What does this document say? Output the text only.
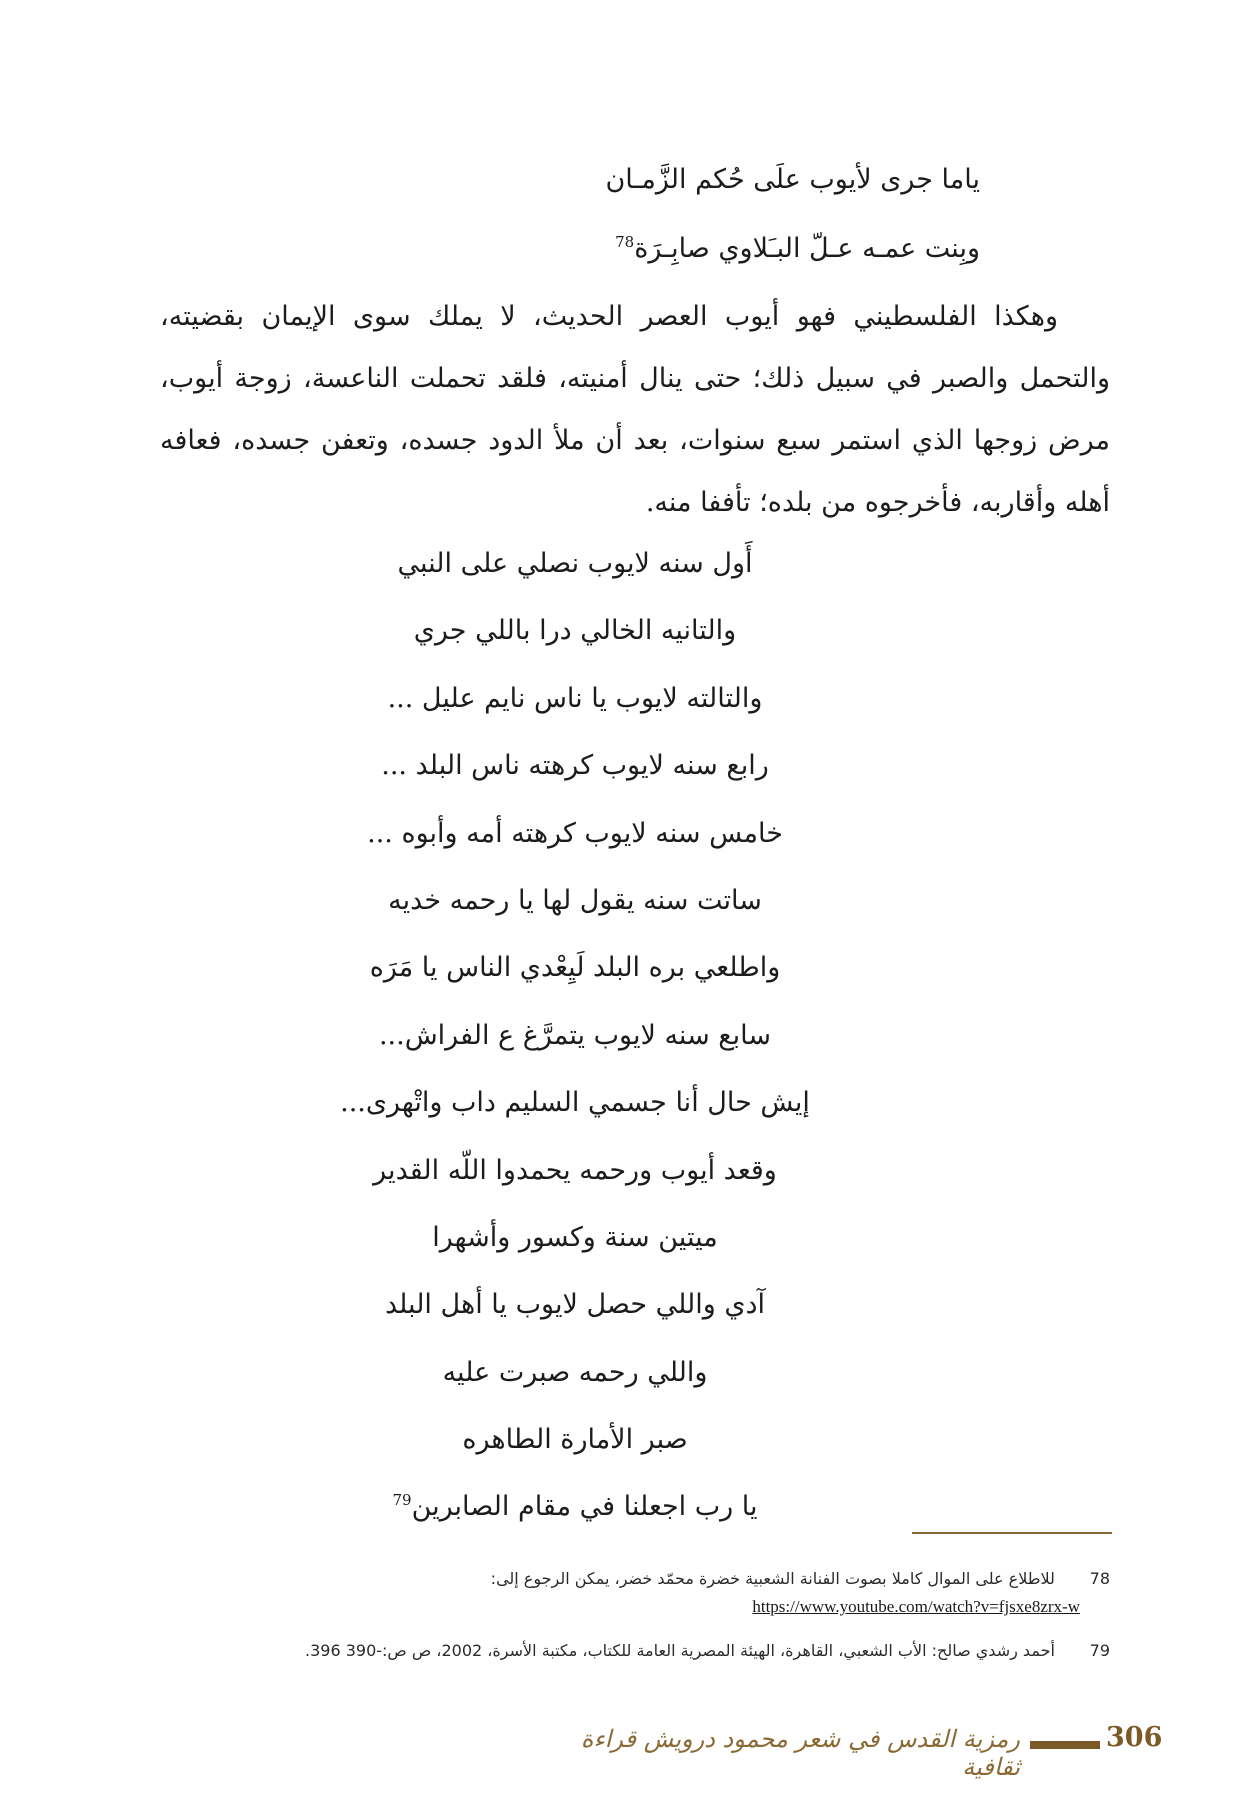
ياما جرى لأيوب علَى حُكم الزَّمـان
وبِنت عمـه عـلّ البـَلاوي صابِـرَة$^{78}$

وهكذا الفلسطيني فهو أيوب العصر الحديث، لا يملك سوى الإيمان بقضيته، والتحمل والصبر في سبيل ذلك؛ حتى ينال أمنيته، فلقد تحملت الناعسة، زوجة أيوب، مرض زوجها الذي استمر سبع سنوات، بعد أن ملأ الدود جسده، وتعفن جسده، فعافه أهله وأقاربه، فأخرجوه من بلده؛ تأففا منه.

أَول سنه لايوب نصلي على النبي
والتانيه الخالي درا باللي جري
والتالته لايوب يا ناس نايم عليل ...
رابع سنه لايوب كرهته ناس البلد ...
خامس سنه لايوب كرهته أمه وأبوه ...
ساتت سنه يقول لها يا رحمه خديه
واطلعي بره البلد لَيِعْدي الناس يا مَرَه
سابع سنه لايوب يتمرَّغ ع الفراش...
إيش حال أنا جسمي السليم داب واتْهرى...
وقعد أيوب ورحمه يحمدوا اللّه القدير
ميتين سنة وكسور وأشهرا
آدي واللي حصل لايوب يا أهل البلد
واللي رحمه صبرت عليه
صبر الأمارة الطاهره
يا رب اجعلنا في مقام الصابرين$^{79}$
78 للاطلاع على الموال كاملا بصوت الفنانة الشعبية خضرة محمّد خضر، يمكن الرجوع إلى:
https://www.youtube.com/watch?v=fjsxe8zrx-w
79 أحمد رشدي صالح: الأب الشعبي، القاهرة، الهيئة المصرية العامة للكتاب، مكتبة الأسرة، 2002، ص ص:-390 396.
رمزية القدس في شعر محمود درويش قراءة ثقافية
306
